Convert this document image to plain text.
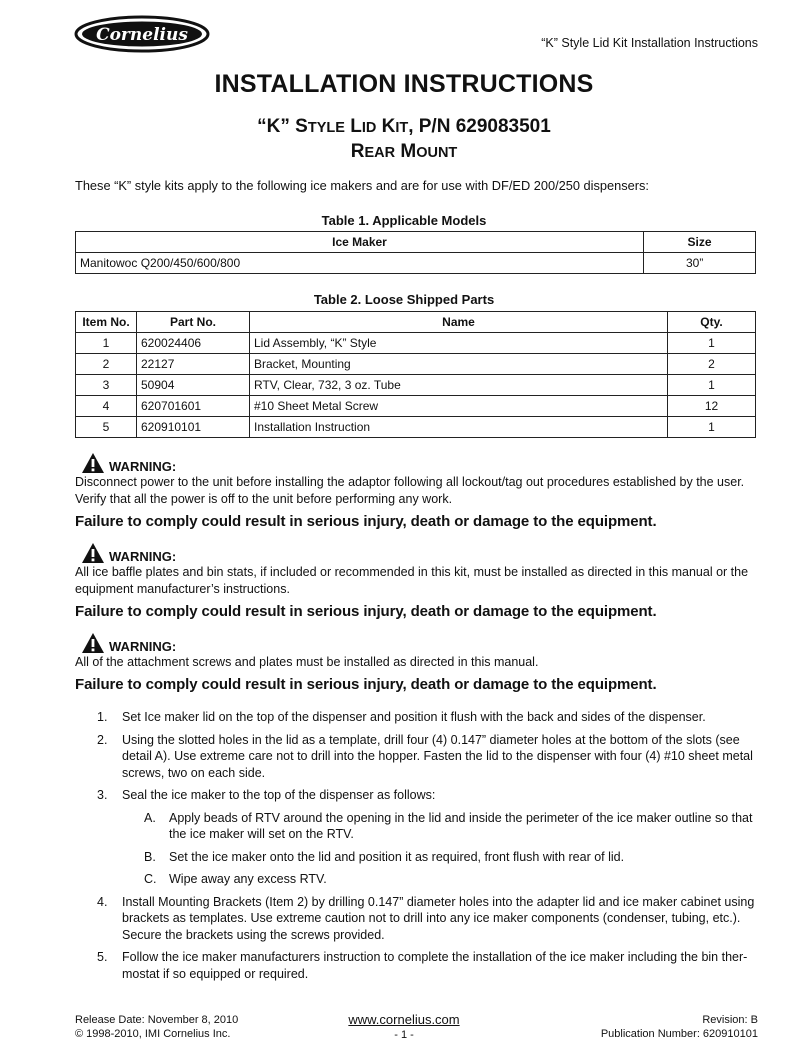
Cornelius	“K” Style Lid Kit Installation Instructions
INSTALLATION INSTRUCTIONS
“K” STYLE LID KIT, P/N 629083501
REAR MOUNT
These “K” style kits apply to the following ice makers and are for use with DF/ED 200/250 dispensers:
Table 1. Applicable Models
Ice Maker	Size
Manitowoc Q200/450/600/800	30”
Table 2. Loose Shipped Parts
Item No.	Part No.	Name	Qty.
1	620024406	Lid Assembly, “K” Style	1
2	22127	Bracket, Mounting	2
3	50904	RTV, Clear, 732, 3 oz. Tube	1
4	620701601	#10 Sheet Metal Screw	12
5	620910101	Installation Instruction	1
WARNING:
Disconnect power to the unit before installing the adaptor following all lockout/tag out procedures established by the user. Verify that all the power is off to the unit before performing any work.
Failure to comply could result in serious injury, death or damage to the equipment.
WARNING:
All ice baffle plates and bin stats, if included or recommended in this kit, must be installed as directed in this manual or the equipment manufacturer’s instructions.
Failure to comply could result in serious injury, death or damage to the equipment.
WARNING:
All of the attachment screws and plates must be installed as directed in this manual.
Failure to comply could result in serious injury, death or damage to the equipment.
1. Set Ice maker lid on the top of the dispenser and position it flush with the back and sides of the dispenser.
2. Using the slotted holes in the lid as a template, drill four (4) 0.147” diameter holes at the bottom of the slots (see detail A). Use extreme care not to drill into the hopper. Fasten the lid to the dispenser with four (4) #10 sheet metal screws, two on each side.
3. Seal the ice maker to the top of the dispenser as follows:
A. Apply beads of RTV around the opening in the lid and inside the perimeter of the ice maker outline so that the ice maker will set on the RTV.
B. Set the ice maker onto the lid and position it as required, front flush with rear of lid.
C. Wipe away any excess RTV.
4. Install Mounting Brackets (Item 2) by drilling 0.147” diameter holes into the adapter lid and ice maker cabinet using brackets as templates. Use extreme caution not to drill into any ice maker components (condenser, tubing, etc.). Secure the brackets using the screws provided.
5. Follow the ice maker manufacturers instruction to complete the installation of the ice maker including the bin ther-mostat if so equipped or required.
Release Date: November 8, 2010
© 1998-2010, IMI Cornelius Inc.
www.cornelius.com
- 1 -
Revision: B
Publication Number: 620910101
